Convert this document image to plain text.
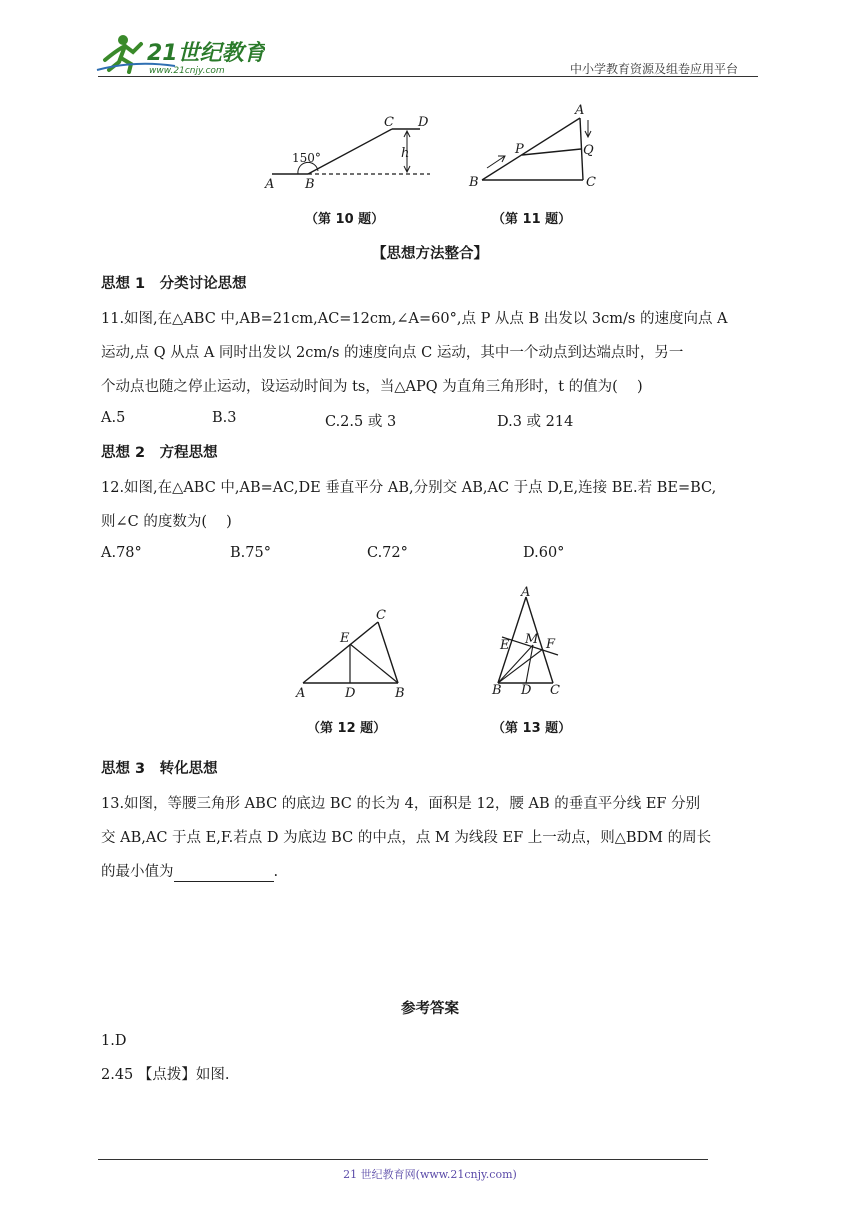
21世纪教育
www.21cnjy.com	中小学教育资源及组卷应用平台
A B
C D
h
150°
（第 10 题）
A
B	C
P	Q
（第 11 题）
【思想方法整合】
思想 1　分类讨论思想
11.如图,在△ABC 中,AB=21cm,AC=12cm,∠A=60°,点 P 从点 B 出发以 3cm/s 的速度向点 A
运动,点 Q 从点 A 同时出发以 2cm/s 的速度向点 C 运动，其中一个动点到达端点时，另一
个动点也随之停止运动，设运动时间为 ts，当△APQ 为直角三角形时，t 的值为(　 )
A.5	B.3	C.2.5 或 3	D.3 或 214
思想 2　方程思想
12.如图,在△ABC 中,AB=AC,DE 垂直平分 AB,分别交 AB,AC 于点 D,E,连接 BE.若 BE=BC,
则∠C 的度数为(　 )
A.78°	B.75°	C.72°	D.60°
A	B
C
D
E
（第 12 题）
A
B	C
D
E	F
M
（第 13 题）
思想 3　转化思想
13.如图，等腰三角形 ABC 的底边 BC 的长为 4，面积是 12，腰 AB 的垂直平分线 EF 分别
交 AB,AC 于点 E,F.若点 D 为底边 BC 的中点，点 M 为线段 EF 上一动点，则△BDM 的周长
的最小值为	.
参考答案
1.D
2.45 【点拨】如图.
21 世纪教育网(www.21cnjy.com)
